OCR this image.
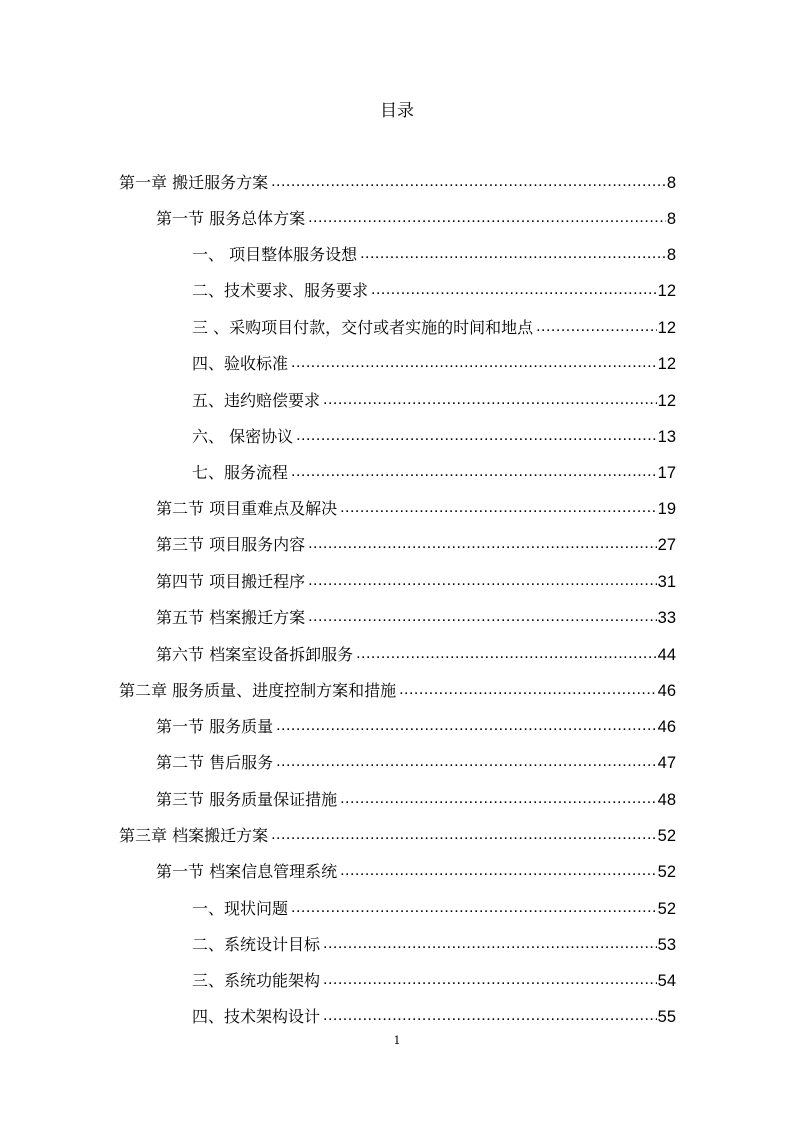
目录
第一章 搬迁服务方案 .....	8
第一节 服务总体方案 .....	8
一、 项目整体服务设想 .....	8
二、技术要求、服务要求 .....	12
三 、采购项目付款，交付或者实施的时间和地点 .....	12
四、验收标准 .....	12
五、违约赔偿要求 .....	12
六、 保密协议 .....	13
七、服务流程 .....	17
第二节 项目重难点及解决 .....	19
第三节 项目服务内容 .....	27
第四节 项目搬迁程序 .....	31
第五节 档案搬迁方案 .....	33
第六节 档案室设备拆卸服务 .....	44
第二章 服务质量、进度控制方案和措施 .....	46
第一节 服务质量 .....	46
第二节 售后服务 .....	47
第三节 服务质量保证措施 .....	48
第三章 档案搬迁方案 .....	52
第一节 档案信息管理系统 .....	52
一、现状问题 .....	52
二、系统设计目标 .....	53
三、系统功能架构 .....	54
四、技术架构设计 .....	55
1
